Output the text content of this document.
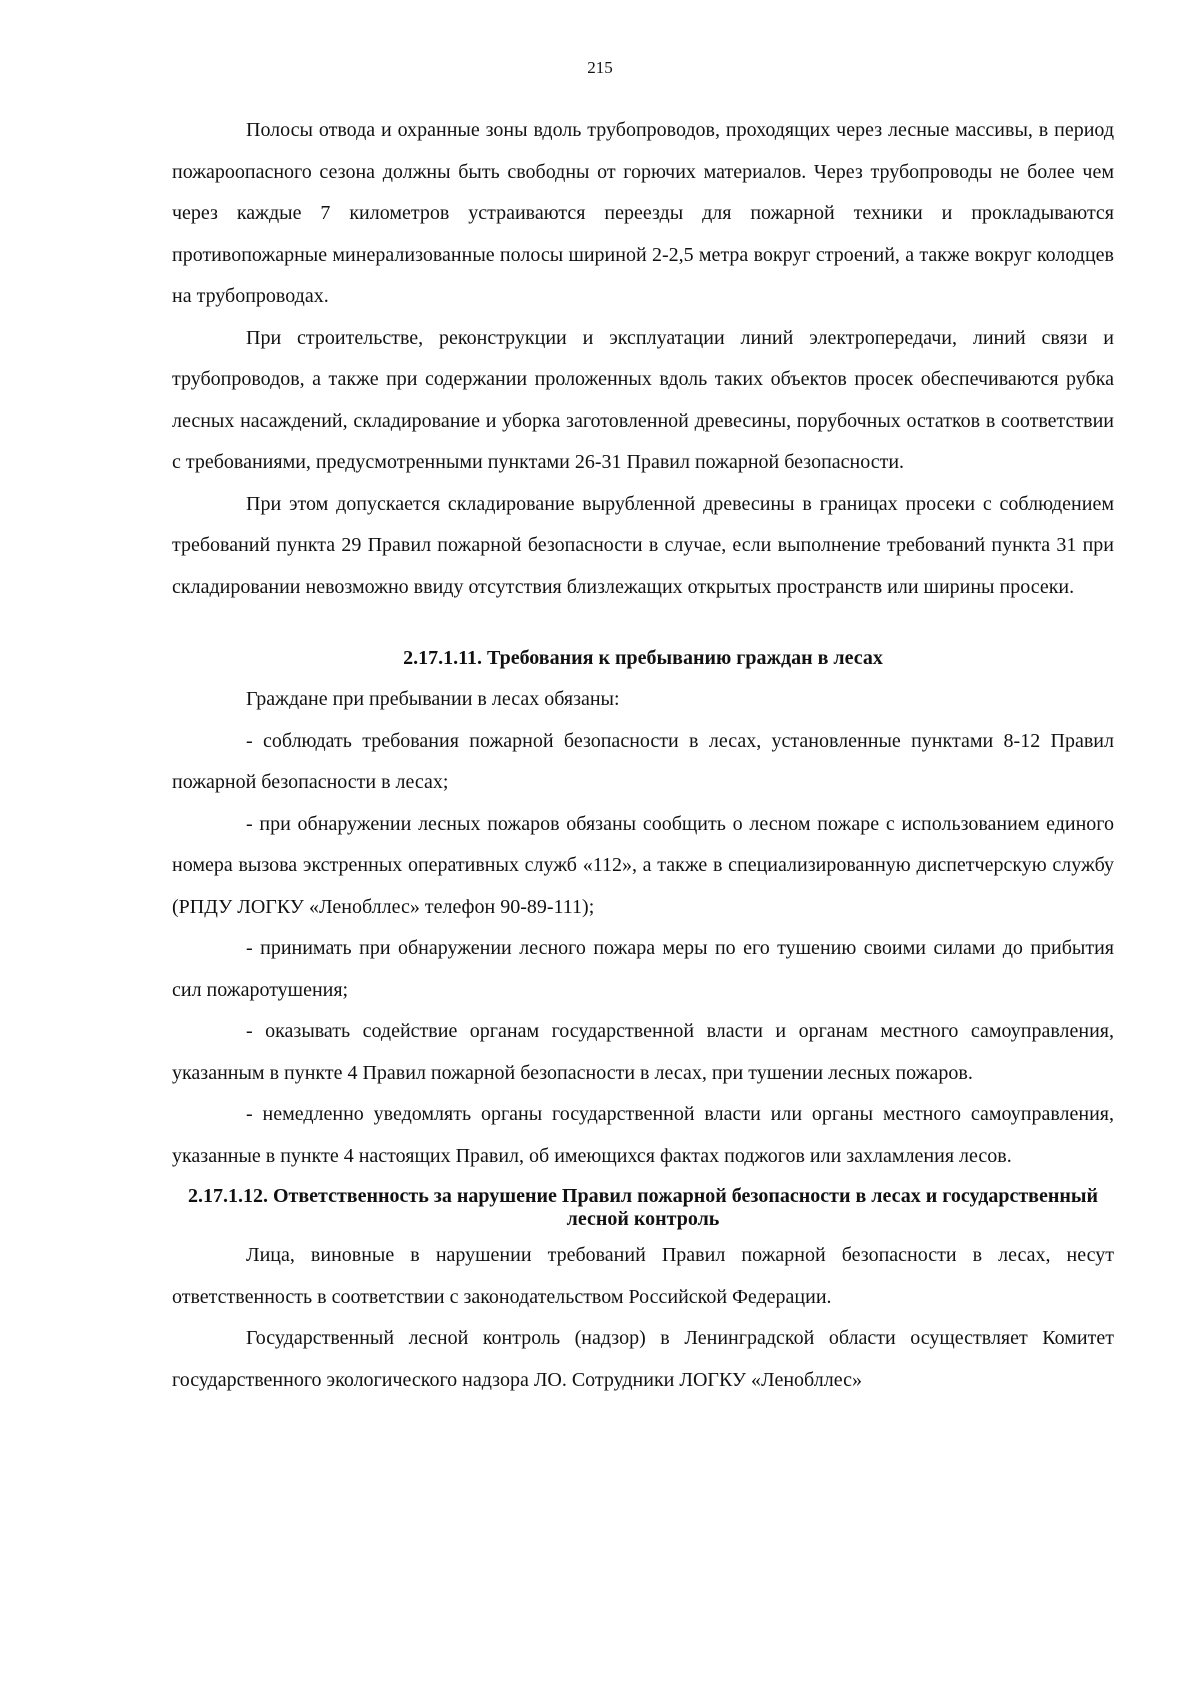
215

Полосы отвода и охранные зоны вдоль трубопроводов, проходящих через лесные массивы, в период пожароопасного сезона должны быть свободны от горючих материалов. Через трубопроводы не более чем через каждые 7 километров устраиваются переезды для пожарной техники и прокладываются противопожарные минерализованные полосы шириной 2-2,5 метра вокруг строений, а также вокруг колодцев на трубопроводах.

При строительстве, реконструкции и эксплуатации линий электропередачи, линий связи и трубопроводов, а также при содержании проложенных вдоль таких объектов просек обеспечиваются рубка лесных насаждений, складирование и уборка заготовленной древесины, порубочных остатков в соответствии с требованиями, предусмотренными пунктами 26-31 Правил пожарной безопасности.

При этом допускается складирование вырубленной древесины в границах просеки с соблюдением требований пункта 29 Правил пожарной безопасности в случае, если выполнение требований пункта 31 при складировании невозможно ввиду отсутствия близлежащих открытых пространств или ширины просеки.

2.17.1.11. Требования к пребыванию граждан в лесах

Граждане при пребывании в лесах обязаны:

- соблюдать требования пожарной безопасности в лесах, установленные пунктами 8-12 Правил пожарной безопасности в лесах;

- при обнаружении лесных пожаров обязаны сообщить о лесном пожаре с использованием единого номера вызова экстренных оперативных служб «112», а также в специализированную диспетчерскую службу (РПДУ ЛОГКУ «Ленобллес» телефон 90-89-111);

- принимать при обнаружении лесного пожара меры по его тушению своими силами до прибытия сил пожаротушения;

- оказывать содействие органам государственной власти и органам местного самоуправления, указанным в пункте 4 Правил пожарной безопасности в лесах, при тушении лесных пожаров.

- немедленно уведомлять органы государственной власти или органы местного самоуправления, указанные в пункте 4 настоящих Правил, об имеющихся фактах поджогов или захламления лесов.

2.17.1.12. Ответственность за нарушение Правил пожарной безопасности в лесах и государственный лесной контроль

Лица, виновные в нарушении требований Правил пожарной безопасности в лесах, несут ответственность в соответствии с законодательством Российской Федерации.

Государственный лесной контроль (надзор) в Ленинградской области осуществляет Комитет государственного экологического надзора ЛО. Сотрудники ЛОГКУ «Ленобллес»
